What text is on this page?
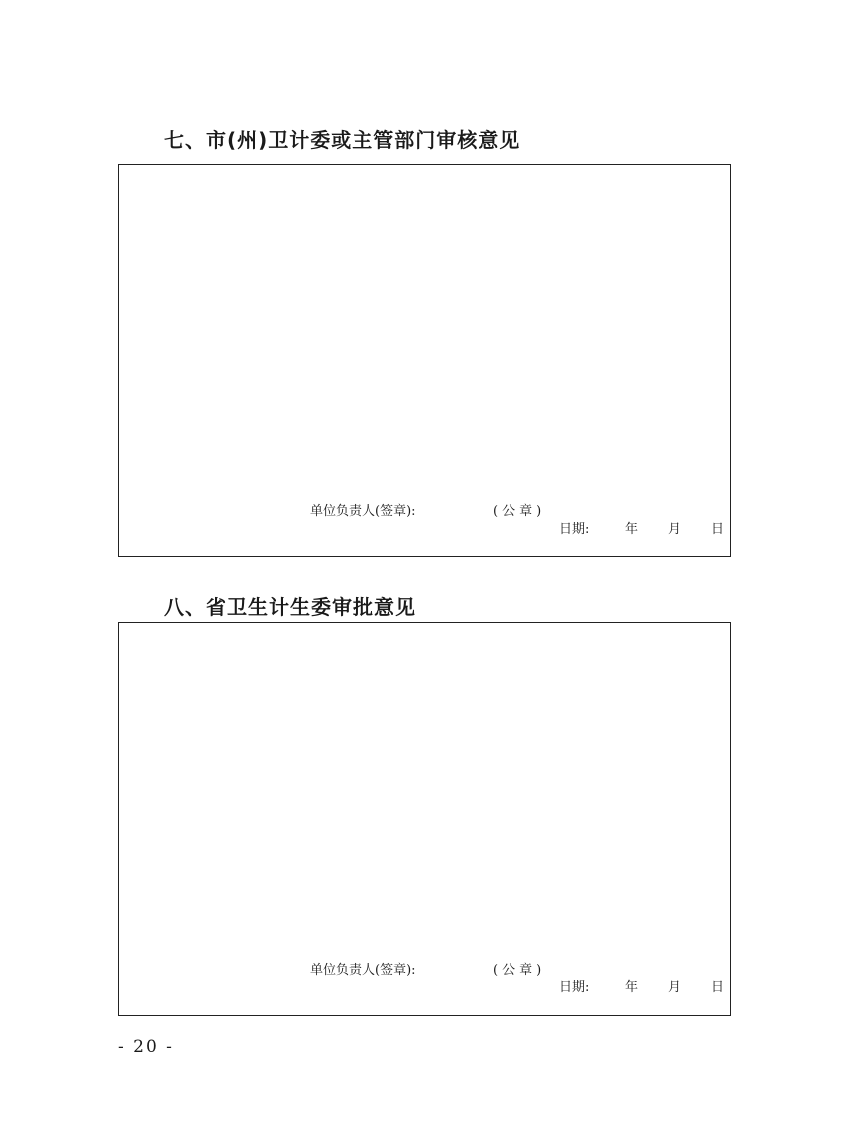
七、市(州)卫计委或主管部门审核意见
单位负责人(签章):	(公章)
日期:	年 月 日
八、省卫生计生委审批意见
单位负责人(签章):	(公章)
日期:	年 月 日
- 20 -
